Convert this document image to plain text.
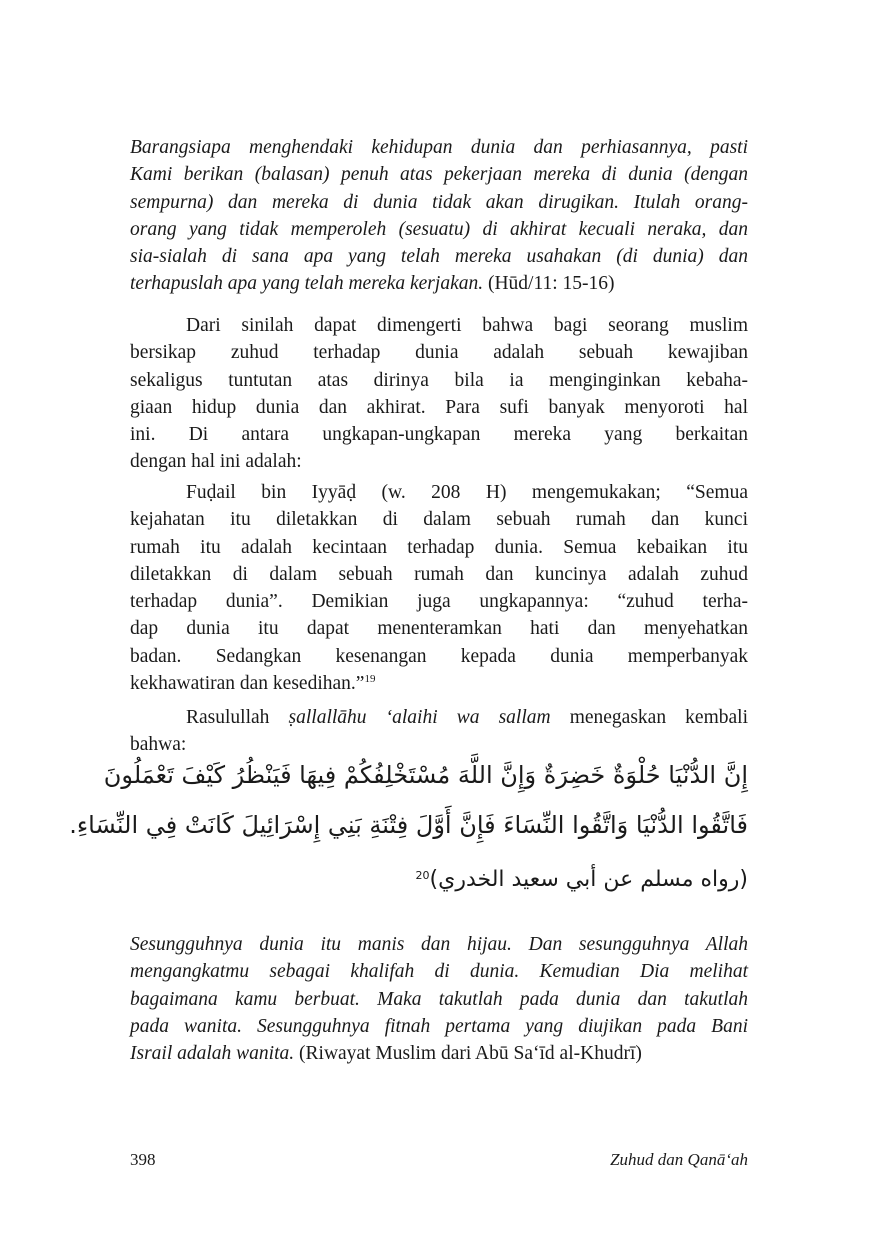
Barangsiapa menghendaki kehidupan dunia dan perhiasannya, pasti
Kami berikan (balasan) penuh atas pekerjaan mereka di dunia (dengan
sempurna) dan mereka di dunia tidak akan dirugikan. Itulah orang-
orang yang tidak memperoleh (sesuatu) di akhirat kecuali neraka, dan
sia-sialah di sana apa yang telah mereka usahakan (di dunia) dan
terhapuslah apa yang telah mereka kerjakan. (Hūd/11: 15-16)
Dari sinilah dapat dimengerti bahwa bagi seorang muslim
bersikap zuhud terhadap dunia adalah sebuah kewajiban
sekaligus tuntutan atas dirinya bila ia menginginkan kebaha-
giaan hidup dunia dan akhirat. Para sufi banyak menyoroti hal
ini. Di antara ungkapan-ungkapan mereka yang berkaitan
dengan hal ini adalah:
Fuḍail bin Iyyāḍ (w. 208 H) mengemukakan; “Semua
kejahatan itu diletakkan di dalam sebuah rumah dan kunci
rumah itu adalah kecintaan terhadap dunia. Semua kebaikan itu
diletakkan di dalam sebuah rumah dan kuncinya adalah zuhud
terhadap dunia”. Demikian juga ungkapannya: “zuhud terha-
dap dunia itu dapat menenteramkan hati dan menyehatkan
badan. Sedangkan kesenangan kepada dunia memperbanyak
kekhawatiran dan kesedihan.”$^{19}$
Rasulullah ṣallallāhu ‘alaihi wa sallam menegaskan kembali
bahwa:
إِنَّ الدُّنْيَا حُلْوَةٌ خَضِرَةٌ وَإِنَّ اللَّهَ مُسْتَخْلِفُكُمْ فِيهَا فَيَنْظُرُ كَيْفَ تَعْمَلُونَ
فَاتَّقُوا الدُّنْيَا وَاتَّقُوا النِّسَاءَ فَإِنَّ أَوَّلَ فِتْنَةِ بَنِي إِسْرَائِيلَ كَانَتْ فِي النِّسَاءِ.
(رواه مسلم عن أبي سعيد الخدري)$^{20}$
Sesungguhnya dunia itu manis dan hijau. Dan sesungguhnya Allah
mengangkatmu sebagai khalifah di dunia. Kemudian Dia melihat
bagaimana kamu berbuat. Maka takutlah pada dunia dan takutlah
pada wanita. Sesungguhnya fitnah pertama yang diujikan pada Bani
Israil adalah wanita. (Riwayat Muslim dari Abū Sa‘īd al-Khudrī)
398	Zuhud dan Qanā‘ah
